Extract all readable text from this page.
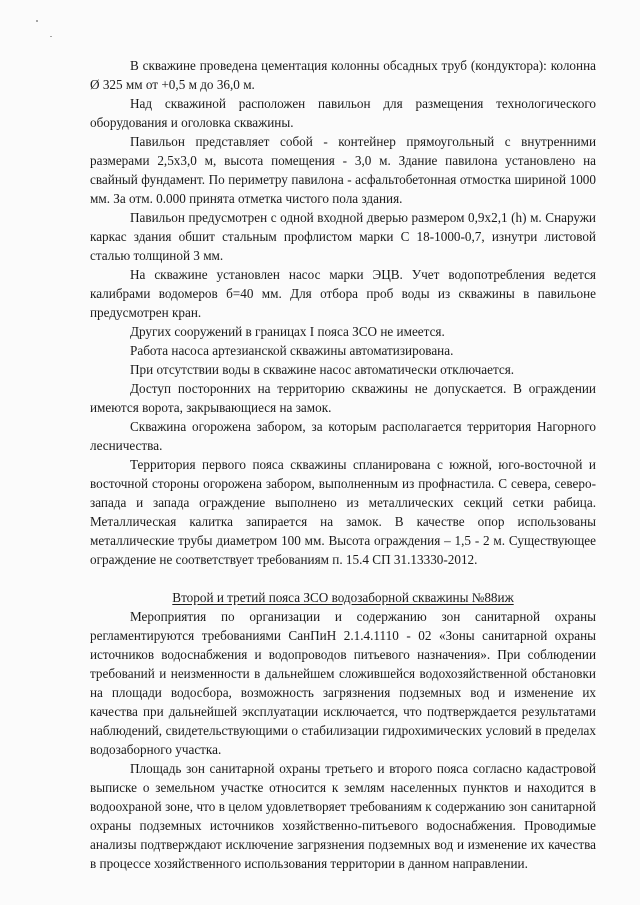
В скважине проведена цементация колонны обсадных труб (кондуктора): колонна Ø 325 мм от +0,5 м до 36,0 м.

Над скважиной расположен павильон для размещения технологического оборудования и оголовка скважины.

Павильон представляет собой - контейнер прямоугольный с внутренними размерами 2,5х3,0 м, высота помещения - 3,0 м. Здание павилона установлено на свайный фундамент. По периметру павилона - асфальтобетонная отмостка шириной 1000 мм. За отм. 0.000 принята отметка чистого пола здания.

Павильон предусмотрен с одной входной дверью размером 0,9х2,1 (h) м. Снаружи каркас здания обшит стальным профлистом марки С 18-1000-0,7, изнутри листовой сталью толщиной 3 мм.

На скважине установлен насос марки ЭЦВ. Учет водопотребления ведется калибрами водомеров б=40 мм. Для отбора проб воды из скважины в павильоне предусмотрен кран.

Других сооружений в границах I пояса ЗСО не имеется.

Работа насоса артезианской скважины автоматизирована.

При отсутствии воды в скважине насос автоматически отключается.

Доступ посторонних на территорию скважины не допускается. В ограждении имеются ворота, закрывающиеся на замок.

Скважина огорожена забором, за которым располагается территория Нагорного лесничества.

Территория первого пояса скважины спланирована с южной, юго-восточной и восточной стороны огорожена забором, выполненным из профнастила. С севера, северо-запада и запада ограждение выполнено из металлических секций сетки рабица. Металлическая калитка запирается на замок. В качестве опор использованы металлические трубы диаметром 100 мм. Высота ограждения – 1,5 - 2 м. Существующее ограждение не соответствует требованиям п. 15.4 СП 31.13330-2012.

Второй и третий пояса ЗСО водозаборной скважины №88иж

Мероприятия по организации и содержанию зон санитарной охраны регламентируются требованиями СанПиН 2.1.4.1110 - 02 «Зоны санитарной охраны источников водоснабжения и водопроводов питьевого назначения». При соблюдении требований и неизменности в дальнейшем сложившейся водохозяйственной обстановки на площади водосбора, возможность загрязнения подземных вод и изменение их качества при дальнейшей эксплуатации исключается, что подтверждается результатами наблюдений, свидетельствующими о стабилизации гидрохимических условий в пределах водозаборного участка.

Площадь зон санитарной охраны третьего и второго пояса согласно кадастровой выписке о земельном участке относится к землям населенных пунктов и находится в водоохраной зоне, что в целом удовлетворяет требованиям к содержанию зон санитарной охраны подземных источников хозяйственно-питьевого водоснабжения. Проводимые анализы подтверждают исключение загрязнения подземных вод и изменение их качества в процессе хозяйственного использования территории в данном направлении.
